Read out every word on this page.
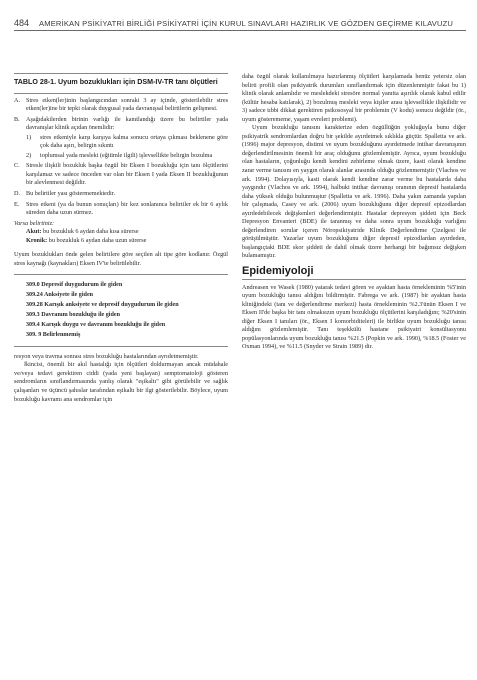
484 AMERİKAN PSİKİYATRİ BİRLİĞİ PSİKİYATRİ İÇİN KURUL SINAVLARI HAZIRLIK VE GÖZDEN GEÇİRME KILAVUZU
TABLO 28-1. Uyum bozuklukları için DSM-IV-TR tanı ölçütleri
A. Stres etken(ler)inin başlangıcından sonraki 3 ay içinde, gösterilebilir stres etken(ler)ine bir tepki olarak duygusal yada davranışsal belirtilerin gelişmesi.
B.	Aşağıdakilerden birinin varlığı ile kanıtlandığı üzere bu belirtiler yada davranışlar klinik açıdan önemlidir:
1)	stres etkeniyle karşı karşıya kalma sonucu ortaya çıkması beklenene göre çok daha aşırı, belirgin sıkıntı
2)	toplumsal yada mesleki (eğitimle ilgili) işlevsellikte belirgin bozulma
C.	Stresle ilişkili bozukluk başka özgül bir Eksen I bozukluğu için tanı ölçütlerini karşılamaz ve sadece önceden var olan bir Eksen I yada Eksen II bozukluğunun bir alevlenmesi değildir.
D. Bu belirtiler yası göstermemektedir.
E.	Stres etkeni (ya da bunun sonuçları) bir kez sonlanınca belirtiler ek bir 6 aylık süreden daha uzun sürmez.
Varsa belirtiniz:
Akut: bu bozukluk 6 aydan daha kısa sürerse
Kronik: bu bozukluk 6 aydan daha uzun sürerse

Uyum bozuklukları önde gelen belirtilere göre seçilen alt tipe göre kodlanır. Özgül stres kaynağı (kaynakları) Eksen IV'te belirtilebilir.

309.0 Depresif duygudurum ile giden
309.24 Anksiyete ile giden
309.28 Karışık anksiyete ve depresif duygudurum ile giden
309.3 Davranım bozukluğu ile giden
309.4 Karışık duygu ve davranım bozukluğu ile giden
309. 9 Belirlenmemiş

resyon veya travma sonrası stres bozukluğu hastalarından ayrıdetmemiştir.

İkincisi, önemli bir akıl hastalığı için ölçütleri doldurmayan ancak müdahale ve/veya tedavi gerektiren ciddi (yada yeni başlayan) semptomatoloji gösteren sendromların sınıflandırmasında yanlış olarak "eşikaltı" gibi görülebilir ve sağlık çalışanları ve üçüncü şahıslar tarafından eşikaltı bir ilgi gösterilebilir. Böylece, uyum bozukluğu kavramı ana sendromlar için

daha özgül olarak kullanılmaya hazırlanmış ölçütleri karşılamada henüz yetersiz olan belirti profili olan psikiyatrik durumları sınıflandırmak için düzenlenmiştir fakat bu 1) klinik olarak anlamlıdır ve meslekdeki stresöre normal yanıtta aşırılık olarak kabul edilir (kültür hesaba katılarak), 2) bozulmuş mesleki veya kişiler arası işlevsellikle ilişkilidir ve 3) sadece tıbbi dikkat gerektiren psikososyal bir problemin (V kodu) sonucu değildir (ör., uyum gösterememe, yaşam evreleri problemi).

Uyum bozukluğu tanısını karakterize eden özgüllüğün yokluğuyla bunu diğer psikiyatrik sendromlardan doğru bir şekilde ayırdetmek sıklıkla güçtür. Spalletta ve ark. (1996) major depresyon, distimi ve uyum bozukluğunu ayırdetmede intihar davranışının değerlendirilmesinin önemli bir araç olduğunu gözlemlemiştir. Ayrıca, uyum bozukluğu olan hastaların, çoğunluğu kendi kendini zehirleme olmak üzere, kasti olarak kendine zarar verme tanısını en yaygın olarak alanlar arasında olduğu gözlenmemiştir (Vlachos ve ark. 1994). Dolayısıyla, kasti olarak kendi kendine zarar verme bu hastalarda daha yaygındır (Vlachos ve ark. 1994), halbuki intihar davranışı oranının depresif hastalarda daha yüksek olduğu bulunmuştur (Spalletta ve ark. 1996). Daha yakın zamanda yapılan bir çalışmada, Casey ve ark. (2006) uyum bozukluğunu diğer depresif epizodlardan ayırdedebilecek değişkenleri değerlendirmiştir. Hastalar depresyon şiddeti için Beck Depresyon Envanteri (BDE) ile taranmış ve daha sonra uyum bozukluğu varlığını değerlendiren sorular içeren Nöropsikiyatride Klinik Değerlendirme Çizelgesi ile görüşülmüştür. Yazarlar uyum bozukluğunu diğer depresif epizodlardan ayırdeden, başlangıçtaki BDE skor şiddeti de dahil olmak üzere herhangi bir bağımsız değişken bulamamıştır.

Epidemiyoloji

Andreasen ve Wasek (1980) yatarak tedavi gören ve ayaktan hasta örnekleminin %5'inin uyum bozukluğu tanısı aldığını bildirmiştir. Fabrega ve ark. (1987) bir ayaktan hasta kliniğindeki (tanı ve değerlendirme merkezi) hasta örnekleminin %2.3'ünün Eksen I ve Eksen II'de başka bir tanı olmaksızın uyum bozukluğu ölçütlerini karşıladığını; %20'sinin diğer Eksen I tanıları (ör., Eksen I komorbiditeleri) ile birlikte uyum bozukluğu tanısı aldığını gözlemlemiştir. Tanı teşekkülü hastane psikiyatri konsültasyonu popülasyonlarında uyum bozukluğu tanısı %21.5 (Popkin ve ark. 1990), %18.5 (Foster ve Oxman 1994), ve %11.5 (Snyder ve Strain 1989) dir.
